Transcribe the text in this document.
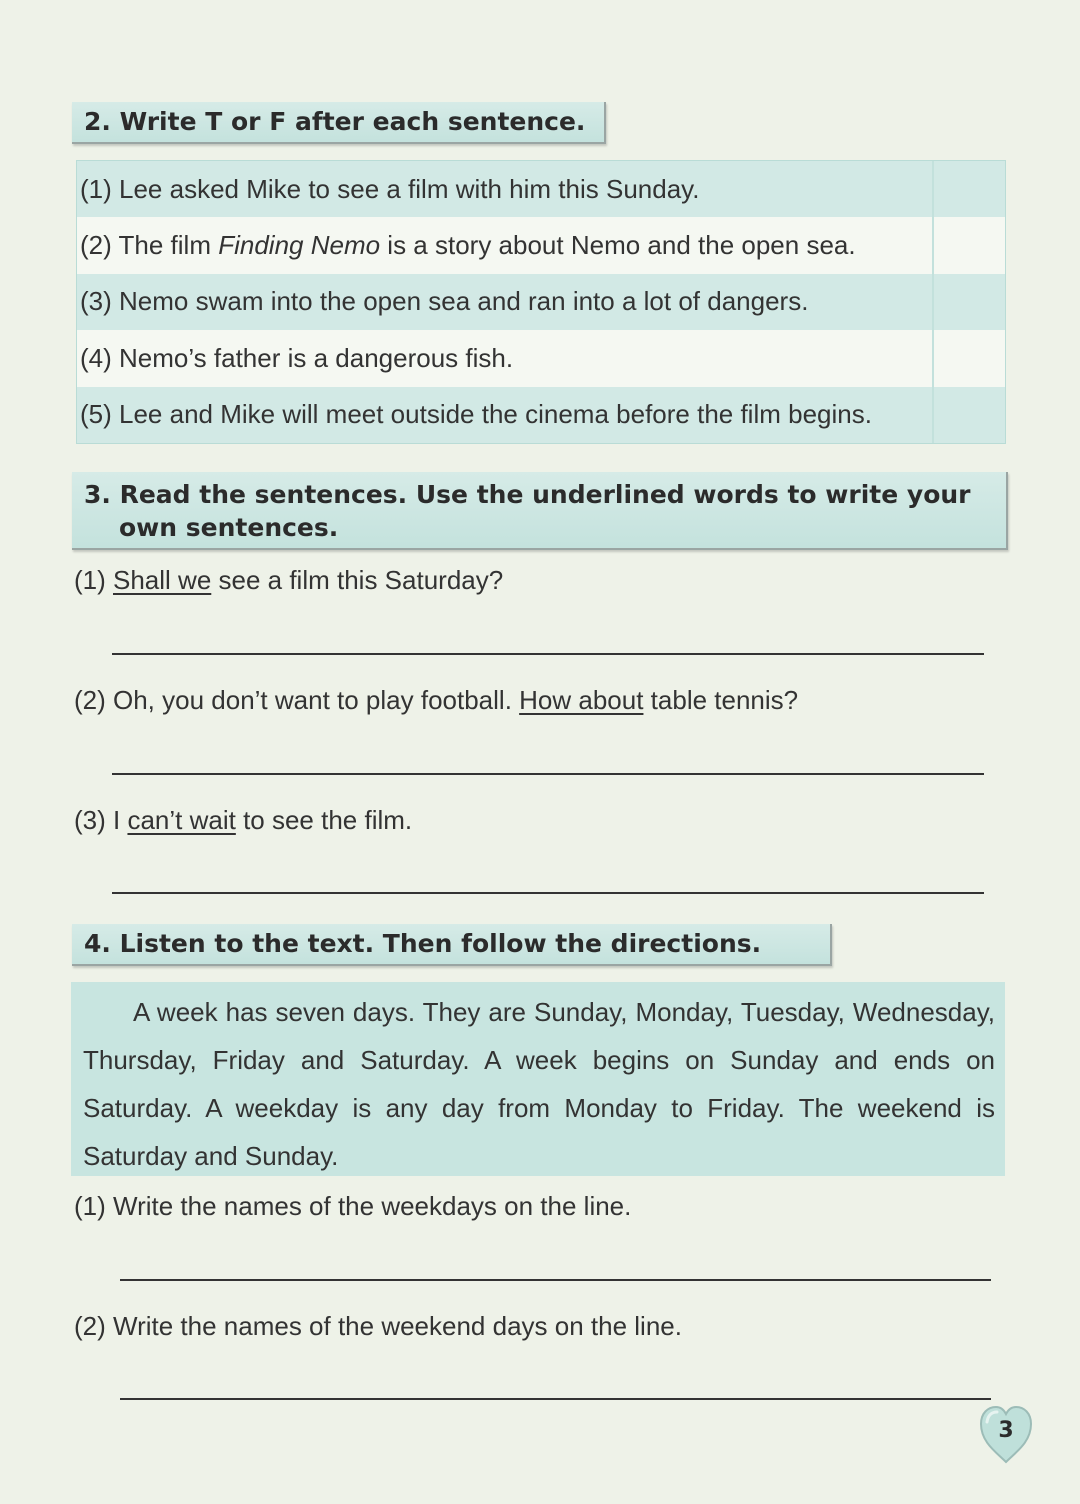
2. Write T or F after each sentence.
(1) Lee asked Mike to see a film with him this Sunday.
(2) The film Finding Nemo is a story about Nemo and the open sea.
(3) Nemo swam into the open sea and ran into a lot of dangers.
(4) Nemo’s father is a dangerous fish.
(5) Lee and Mike will meet outside the cinema before the film begins.
3. Read the sentences. Use the underlined words to write your
own sentences.
(1) Shall we see a film this Saturday?
(2) Oh, you don’t want to play football. How about table tennis?
(3) I can’t wait to see the film.
4. Listen to the text. Then follow the directions.

A week has seven days. They are Sunday, Monday, Tuesday, Wednesday, Thursday, Friday and Saturday. A week begins on Sunday and ends on Saturday. A weekday is any day from Monday to Friday. The weekend is Saturday and Sunday.

(1) Write the names of the weekdays on the line.
(2) Write the names of the weekend days on the line.
3
